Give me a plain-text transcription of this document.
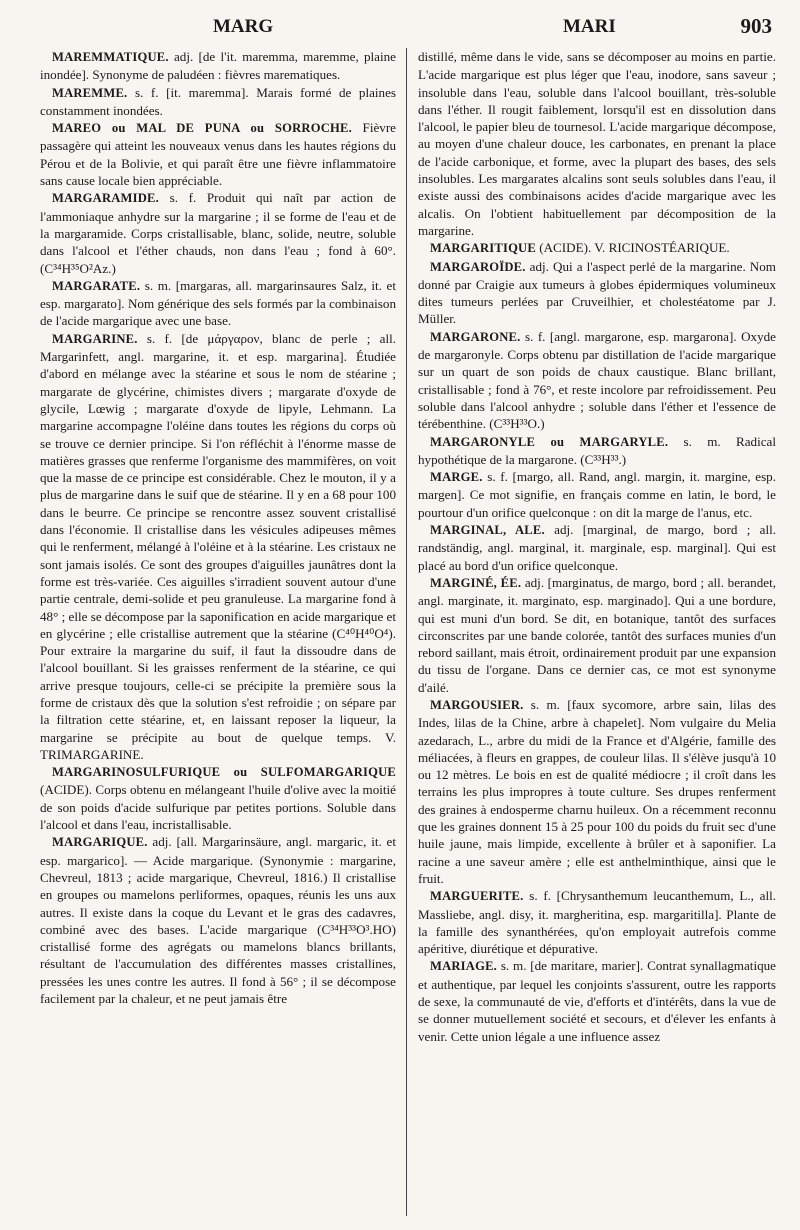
MARG	MARI	903

MAREMMATIQUE. adj. [de l'it. maremma, maremme, plaine inondée]. Synonyme de paludéen : fièvres marematiques.

MAREMME. s. f. [it. maremma]. Marais formé de plaines constamment inondées.

MAREO ou MAL DE PUNA ou SORROCHE. Fièvre passagère qui atteint les nouveaux venus dans les hautes régions du Pérou et de la Bolivie, et qui paraît être une fièvre inflammatoire sans cause locale bien appréciable.

MARGARAMIDE. s. f. Produit qui naît par action de l'ammoniaque anhydre sur la margarine ; il se forme de l'eau et de la margaramide. Corps cristallisable, blanc, solide, neutre, soluble dans l'alcool et l'éther chauds, non dans l'eau ; fond à 60°.(C³⁴H³⁵O²Az.)

MARGARATE. s. m. [margaras, all. margarinsaures Salz, it. et esp. margarato]. Nom générique des sels formés par la combinaison de l'acide margarique avec une base.

MARGARINE. s. f. [de μάργαρον, blanc de perle ; all. Margarinfett, angl. margarine, it. et esp. margarina]. Étudiée d'abord en mélange avec la stéarine et sous le nom de stéarine ; margarate de glycérine, chimistes divers ; margarate d'oxyde de glycile, Lœwig ; margarate d'oxyde de lipyle, Lehmann. La margarine accompagne l'oléine dans toutes les régions du corps où se trouve ce dernier principe. Si l'on réfléchit à l'énorme masse de matières grasses que renferme l'organisme des mammifères, on voit que la masse de ce principe est considérable. Chez le mouton, il y a plus de margarine dans le suif que de stéarine. Il y en a 68 pour 100 dans le beurre. Ce principe se rencontre assez souvent cristallisé dans l'économie. Il cristallise dans les vésicules adipeuses mêmes qui le renferment, mélangé à l'oléine et à la stéarine. Les cristaux ne sont jamais isolés. Ce sont des groupes d'aiguilles jaunâtres dont la forme est très-variée. Ces aiguilles s'irradient souvent autour d'une partie centrale, demi-solide et peu granuleuse. La margarine fond à 48° ; elle se décompose par la saponification en acide margarique et en glycérine ; elle cristallise autrement que la stéarine (C⁴⁰H⁴⁰O⁴). Pour extraire la margarine du suif, il faut la dissoudre dans de l'alcool bouillant. Si les graisses renferment de la stéarine, ce qui arrive presque toujours, celle-ci se précipite la première sous la forme de cristaux dès que la solution s'est refroidie ; on sépare par la filtration cette stéarine, et, en laissant reposer la liqueur, la margarine se précipite au bout de quelque temps. V. TRIMARGARINE.

MARGARINOSULFURIQUE ou SULFOMARGARIQUE (ACIDE). Corps obtenu en mélangeant l'huile d'olive avec la moitié de son poids d'acide sulfurique par petites portions. Soluble dans l'alcool et dans l'eau, incristallisable.

MARGARIQUE. adj. [all. Margarinsäure, angl. margaric, it. et esp. margarico]. — Acide margarique. (Synonymie : margarine, Chevreul, 1813 ; acide margarique, Chevreul, 1816.) Il cristallise en groupes ou mamelons perliformes, opaques, réunis les uns aux autres. Il existe dans la coque du Levant et le gras des cadavres, combiné avec des bases. L'acide margarique (C³⁴H³³O³.HO) cristallisé forme des agrégats ou mamelons blancs brillants, résultant de l'accumulation des différentes masses cristallines, pressées les unes contre les autres. Il fond à 56° ; il se décompose facilement par la chaleur, et ne peut jamais être

distillé, même dans le vide, sans se décomposer au moins en partie. L'acide margarique est plus léger que l'eau, inodore, sans saveur ; insoluble dans l'eau, soluble dans l'alcool bouillant, très-soluble dans l'éther. Il rougit faiblement, lorsqu'il est en dissolution dans l'alcool, le papier bleu de tournesol. L'acide margarique décompose, au moyen d'une chaleur douce, les carbonates, en prenant la place de l'acide carbonique, et forme, avec la plupart des bases, des sels insolubles. Les margarates alcalins sont seuls solubles dans l'eau, il existe aussi des combinaisons acides d'acide margarique avec les alcalis. On l'obtient habituellement par décomposition de la margarine.

MARGARITIQUE (ACIDE). V. RICINOSTÉARIQUE.

MARGAROÏDE. adj. Qui a l'aspect perlé de la margarine. Nom donné par Craigie aux tumeurs à globes épidermiques volumineux dites tumeurs perlées par Cruveilhier, et cholestéatome par J. Müller.

MARGARONE. s. f. [angl. margarone, esp. margarona]. Oxyde de margaronyle. Corps obtenu par distillation de l'acide margarique sur un quart de son poids de chaux caustique. Blanc brillant, cristallisable ; fond à 76°, et reste incolore par refroidissement. Peu soluble dans l'alcool anhydre ; soluble dans l'éther et l'essence de térébenthine. (C³³H³³O.)

MARGARONYLE ou MARGARYLE. s. m. Radical hypothétique de la margarone. (C³³H³³.)

MARGE. s. f. [margo, all. Rand, angl. margin, it. margine, esp. margen]. Ce mot signifie, en français comme en latin, le bord, le pourtour d'un orifice quelconque : on dit la marge de l'anus, etc.

MARGINAL, ALE. adj. [marginal, de margo, bord ; all. randständig, angl. marginal, it. marginale, esp. marginal]. Qui est placé au bord d'un orifice quelconque.

MARGINÉ, ÉE. adj. [marginatus, de margo, bord ; all. berandet, angl. marginate, it. marginato, esp. marginado]. Qui a une bordure, qui est muni d'un bord. Se dit, en botanique, tantôt des surfaces circonscrites par une bande colorée, tantôt des surfaces munies d'un rebord saillant, mais étroit, ordinairement produit par une expansion du tissu de l'organe. Dans ce dernier cas, ce mot est synonyme d'ailé.

MARGOUSIER. s. m. [faux sycomore, arbre sain, lilas des Indes, lilas de la Chine, arbre à chapelet]. Nom vulgaire du Melia azedarach, L., arbre du midi de la France et d'Algérie, famille des méliacées, à fleurs en grappes, de couleur lilas. Il s'élève jusqu'à 10 ou 12 mètres. Le bois en est de qualité médiocre ; il croît dans les terrains les plus impropres à toute culture. Ses drupes renferment des graines à endosperme charnu huileux. On a récemment reconnu que les graines donnent 15 à 25 pour 100 du poids du fruit sec d'une huile jaune, mais limpide, excellente à brûler et à saponifier. La racine a une saveur amère ; elle est anthelminthique, ainsi que le fruit.

MARGUERITE. s. f. [Chrysanthemum leucanthemum, L., all. Massliebe, angl. disy, it. margheritina, esp. margaritilla]. Plante de la famille des synanthérées, qu'on employait autrefois comme apéritive, diurétique et dépurative.

MARIAGE. s. m. [de maritare, marier]. Contrat synallagmatique et authentique, par lequel les conjoints s'assurent, outre les rapports de sexe, la communauté de vie, d'efforts et d'intérêts, dans la vue de se donner mutuellement société et secours, et d'élever les enfants à venir. Cette union légale a une influence assez
